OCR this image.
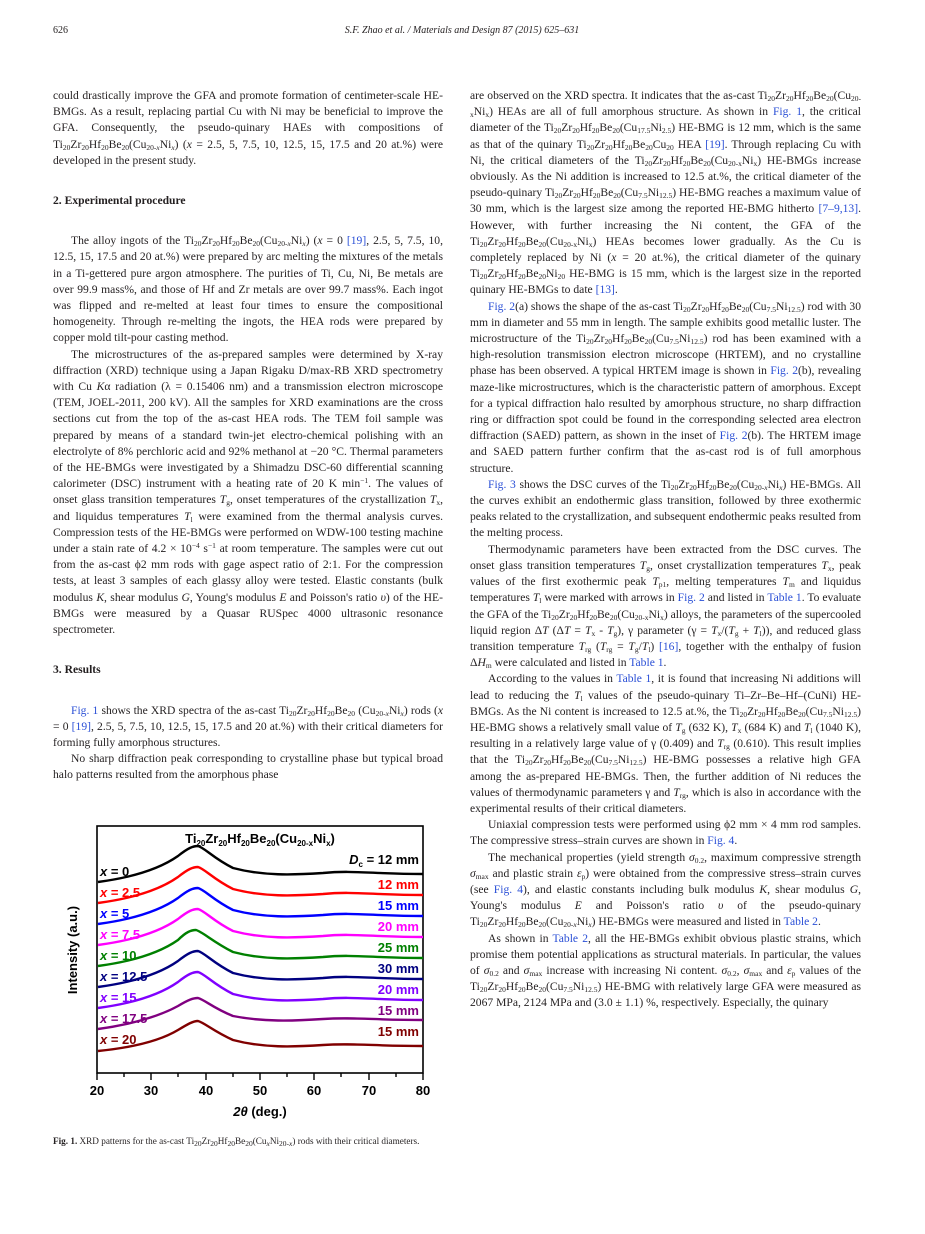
626	S.F. Zhao et al. / Materials and Design 87 (2015) 625–631

could drastically improve the GFA and promote formation of centimeter-scale HE-BMGs. As a result, replacing partial Cu with Ni may be beneficial to improve the GFA. Consequently, the pseudo-quinary HAEs with compositions of $Ti_{20}Zr_{20}Hf_{20}Be_{20}(Cu_{20-x}Ni_x) (x = 2.5$, 5, 7.5, 10, 12.5, 15, 17.5 and 20 at.%) were developed in the present study.

2. Experimental procedure

The alloy ingots of the $Ti_{20}Zr_{20}Hf_{20}Be_{20}(Cu_{20-x}Ni_x) (x = 0$ [19], 2.5, 5, 7.5, 10, 12.5, 15, 17.5 and 20 at.%) were prepared by arc melting the mixtures of the metals in a Ti-gettered pure argon atmosphere. The purities of Ti, Cu, Ni, Be metals are over 99.9 mass%, and those of Hf and Zr metals are over 99.7 mass%. Each ingot was flipped and re-melted at least four times to ensure the compositional homogeneity. Through re-melting the ingots, the HEA rods were prepared by copper mold tilt-pour casting method.

The microstructures of the as-prepared samples were determined by X-ray diffraction (XRD) technique using a Japan Rigaku D/max-RB XRD spectrometry with Cu Kα radiation (λ = 0.15406 nm) and a transmission electron microscope (TEM, JOEL-2011, 200 kV). All the samples for XRD examinations are the cross sections cut from the top of the as-cast HEA rods. The TEM foil sample was prepared by means of a standard twin-jet electro-chemical polishing with an electrolyte of 8% perchloric acid and 92% methanol at −20 °C. Thermal parameters of the HE-BMGs were investigated by a Shimadzu DSC-60 differential scanning calorimeter (DSC) instrument with a heating rate of 20 K $\min^{-1}$. The values of onset glass transition temperatures $T_g$, onset temperatures of the crystallization $T_x$, and liquidus temperatures $T_l$ were examined from the thermal analysis curves. Compression tests of the HE-BMGs were performed on WDW-100 testing machine under a stain rate of $4.2 \times 10^{-4}$ $s^{-1}$ at room temperature. The samples were cut out from the as-cast ϕ2 mm rods with gage aspect ratio of 2:1. For the compression tests, at least 3 samples of each glassy alloy were tested. Elastic constants (bulk modulus K, shear modulus G, Young's modulus E and Poisson's ratio υ) of the HE-BMGs were measured by a Quasar RUSpec 4000 ultrasonic resonance spectrometer.

3. Results

Fig. 1 shows the XRD spectra of the as-cast $Ti_{20}Zr_{20}Hf_{20}Be_{20}$ $(Cu_{20-x}Ni_x)$ rods (x = 0 [19], 2.5, 5, 7.5, 10, 12.5, 15, 17.5 and 20 at.%) with their critical diameters for forming fully amorphous structures.

No sharp diffraction peak corresponding to crystalline phase but typical broad halo patterns resulted from the amorphous phase

$Ti_{20}Zr_{20}Hf_{20}Be_{20}(Cu_{20-x}Ni_x)$
$D_c = 12$ mm
x = 0
x = 2.5
x = 5
x = 7.5
x = 10
x = 12.5
x = 15
x = 17.5
x = 20
12 mm
15 mm
20 mm
25 mm
30 mm
20 mm
15 mm
15 mm
20	30	40	50	60	70	80
2θ (deg.)
Intensity (a.u.)
Fig. 1. XRD patterns for the as-cast $Ti_{20}Zr_{20}Hf_{20}Be_{20}(Cu_xNi_{20-x})$ rods with their critical diameters.

are observed on the XRD spectra. It indicates that the as-cast $Ti_{20}Zr_{20}Hf_{20}Be_{20}(Cu_{20-x}Ni_x)$ HEAs are all of full amorphous structure. As shown in Fig. 1, the critical diameter of the $Ti_{20}Zr_{20}Hf_{20}Be_{20}(Cu_{17.5}Ni_{2.5})$ HE-BMG is 12 mm, which is the same as that of the quinary $Ti_{20}Zr_{20}Hf_{20}Be_{20}Cu_{20}$ HEA [19]. Through replacing Cu with Ni, the critical diameters of the $Ti_{20}Zr_{20}Hf_{20}Be_{20}(Cu_{20-x}Ni_x)$ HE-BMGs increase obviously. As the Ni addition is increased to 12.5 at.%, the critical diameter of the pseudo-quinary $Ti_{20}Zr_{20}Hf_{20}Be_{20}(Cu_{7.5}Ni_{12.5})$ HE-BMG reaches a maximum value of 30 mm, which is the largest size among the reported HE-BMG hitherto [7–9,13]. However, with further increasing the Ni content, the GFA of the $Ti_{20}Zr_{20}Hf_{20}Be_{20}(Cu_{20-x}Ni_x)$ HEAs becomes lower gradually. As the Cu is completely replaced by Ni (x = 20 at.%), the critical diameter of the quinary $Ti_{20}Zr_{20}Hf_{20}Be_{20}Ni_{20}$ HE-BMG is 15 mm, which is the largest size in the reported quinary HE-BMGs to date [13].

Fig. 2(a) shows the shape of the as-cast $Ti_{20}Zr_{20}Hf_{20}Be_{20}(Cu_{7.5}Ni_{12.5})$ rod with 30 mm in diameter and 55 mm in length. The sample exhibits good metallic luster. The microstructure of the $Ti_{20}Zr_{20}Hf_{20}Be_{20}(Cu_{7.5}Ni_{12.5})$ rod has been examined with a high-resolution transmission electron microscope (HRTEM), and no crystalline phase has been observed. A typical HRTEM image is shown in Fig. 2(b), revealing maze-like microstructures, which is the characteristic pattern of amorphous. Except for a typical diffraction halo resulted by amorphous structure, no sharp diffraction ring or diffraction spot could be found in the corresponding selected area electron diffraction (SAED) pattern, as shown in the inset of Fig. 2(b). The HRTEM image and SAED pattern further confirm that the as-cast rod is of full amorphous structure.

Fig. 3 shows the DSC curves of the $Ti_{20}Zr_{20}Hf_{20}Be_{20}(Cu_{20-x}Ni_x)$ HE-BMGs. All the curves exhibit an endothermic glass transition, followed by three exothermic peaks related to the crystallization, and subsequent endothermic peaks resulted from the melting process.

Thermodynamic parameters have been extracted from the DSC curves. The onset glass transition temperatures $T_g$, onset crystallization temperatures $T_x$, peak values of the first exothermic peak $T_{p1}$, melting temperatures $T_m$ and liquidus temperatures $T_l$ were marked with arrows in Fig. 2 and listed in Table 1. To evaluate the GFA of the $Ti_{20}Zr_{20}Hf_{20}Be_{20}(Cu_{20-x}Ni_x)$ alloys, the parameters of the supercooled liquid region ΔT $(\Delta T = T_x - T_g)$, γ parameter $(\gamma = T_x/(T_g + T_l))$, and reduced glass transition temperature $T_{rg}$ $(T_{rg} = T_g/T_l)$ [16], together with the enthalpy of fusion $\Delta H_m$ were calculated and listed in Table 1.

According to the values in Table 1, it is found that increasing Ni additions will lead to reducing the $T_l$ values of the pseudo-quinary Ti–Zr–Be–Hf–(CuNi) HE-BMGs. As the Ni content is increased to 12.5 at.%, the $Ti_{20}Zr_{20}Hf_{20}Be_{20}(Cu_{7.5}Ni_{12.5})$ HE-BMG shows a relatively small value of $T_g$ (632 K), $T_x$ (684 K) and $T_l$ (1040 K), resulting in a relatively large value of γ (0.409) and $T_{rg}$ (0.610). This result implies that the $Ti_{20}Zr_{20}Hf_{20}Be_{20}(Cu_{7.5}Ni_{12.5})$ HE-BMG possesses a relative high GFA among the as-prepared HE-BMGs. Then, the further addition of Ni reduces the values of thermodynamic parameters γ and $T_{rg}$, which is also in accordance with the experimental results of their critical diameters.

Uniaxial compression tests were performed using ϕ2 mm × 4 mm rod samples. The compressive stress–strain curves are shown in Fig. 4.

The mechanical properties (yield strength $\sigma_{0.2}$, maximum compressive strength $\sigma_{max}$ and plastic strain $\varepsilon_p$) were obtained from the compressive stress–strain curves (see Fig. 4), and elastic constants including bulk modulus K, shear modulus G, Young's modulus E and Poisson's ratio υ of the pseudo-quinary $Ti_{20}Zr_{20}Hf_{20}Be_{20}(Cu_{20-x}Ni_x)$ HE-BMGs were measured and listed in Table 2.

As shown in Table 2, all the HE-BMGs exhibit obvious plastic strains, which promise them potential applications as structural materials. In particular, the values of $\sigma_{0.2}$ and $\sigma_{max}$ increase with increasing Ni content. $\sigma_{0.2}$, $\sigma_{max}$ and $\varepsilon_p$ values of the $Ti_{20}Zr_{20}Hf_{20}Be_{20}(Cu_{7.5}Ni_{12.5})$ HE-BMG with relatively large GFA were measured as 2067 MPa, 2124 MPa and (3.0 ± 1.1) %, respectively. Especially, the quinary
